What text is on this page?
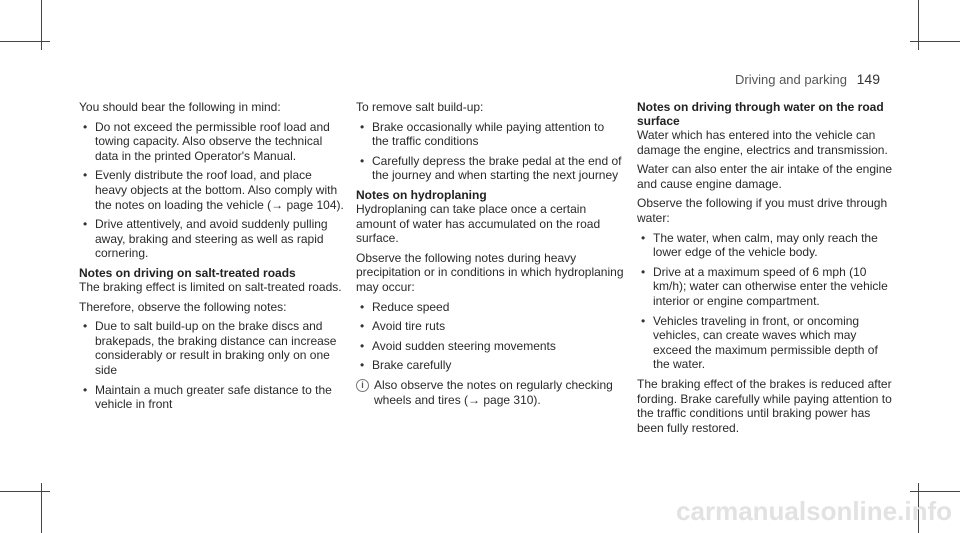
Driving and parking 149

You should bear the following in mind:

• Do not exceed the permissible roof load and towing capacity. Also observe the technical data in the printed Operator's Manual.
• Evenly distribute the roof load, and place heavy objects at the bottom. Also comply with the notes on loading the vehicle (→ page 104).
• Drive attentively, and avoid suddenly pulling away, braking and steering as well as rapid cornering.
Notes on driving on salt-treated roads

The braking effect is limited on salt-treated roads.

Therefore, observe the following notes:

• Due to salt build-up on the brake discs and brakepads, the braking distance can increase considerably or result in braking only on one side
• Maintain a much greater safe distance to the vehicle in front

To remove salt build-up:

• Brake occasionally while paying attention to the traffic conditions
• Carefully depress the brake pedal at the end of the journey and when starting the next journey
Notes on hydroplaning

Hydroplaning can take place once a certain amount of water has accumulated on the road surface.

Observe the following notes during heavy precipitation or in conditions in which hydroplaning may occur:

• Reduce speed
• Avoid tire ruts
• Avoid sudden steering movements
• Brake carefully
i Also observe the notes on regularly checking wheels and tires (→ page 310).
Notes on driving through water on the road surface

Water which has entered into the vehicle can damage the engine, electrics and transmission.

Water can also enter the air intake of the engine and cause engine damage.

Observe the following if you must drive through water:

• The water, when calm, may only reach the lower edge of the vehicle body.
• Drive at a maximum speed of 6 mph (10 km/h); water can otherwise enter the vehicle interior or engine compartment.
• Vehicles traveling in front, or oncoming vehicles, can create waves which may exceed the maximum permissible depth of the water.

The braking effect of the brakes is reduced after fording. Brake carefully while paying attention to the traffic conditions until braking power has been fully restored.

carmanualsonline.info
